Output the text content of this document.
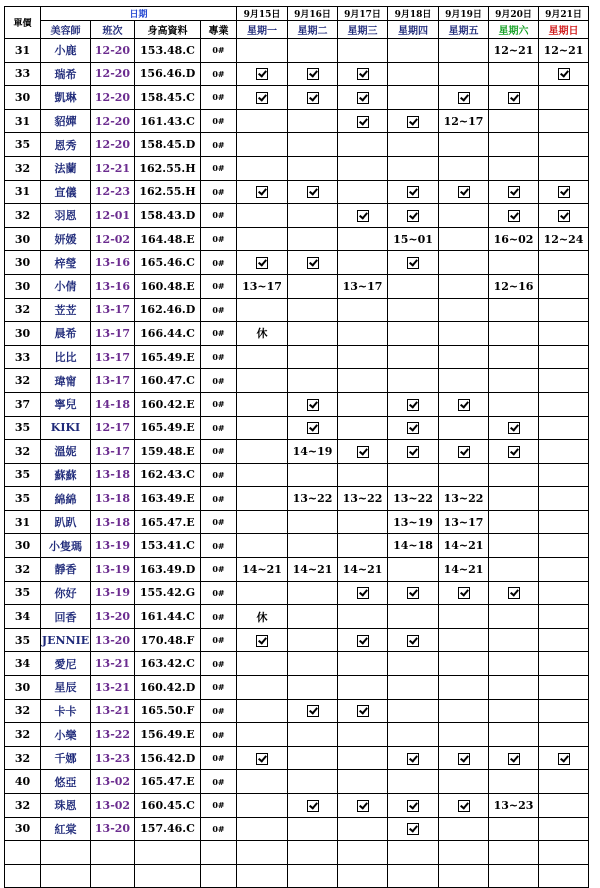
單價	日期				9月15日	9月16日	9月17日	9月18日	9月19日	9月20日	9月21日
	美容師	班次	身高資料	專業	星期一	星期二	星期三	星期四	星期五	星期六	星期日
31	小鹿	12-20	153.48.C	0#						12~21	12~21
33	瑞希	12-20	156.46.D	0#							
30	凱琳	12-20	158.45.C	0#							
31	貂嬋	12-20	161.43.C	0#					12~17		
35	恩秀	12-20	158.45.D	0#							
32	法蘭	12-21	162.55.H	0#							
31	宣儀	12-23	162.55.H	0#							
32	羽恩	12-01	158.43.D	0#							
30	妍媛	12-02	164.48.E	0#				15~01		16~02	12~24
30	梓瑩	13-16	165.46.C	0#							
30	小倩	13-16	160.48.E	0#	13~17		13~17			12~16	
32	苙苙	13-17	162.46.D	0#							
30	晨希	13-17	166.44.C	0#	休						
33	比比	13-17	165.49.E	0#							
32	瑋甯	13-17	160.47.C	0#							
37	寧兒	14-18	160.42.E	0#							
35	KIKI	12-17	165.49.E	0#							
32	溫妮	13-17	159.48.E	0#		14~19					
35	蘇蘇	13-18	162.43.C	0#							
35	綿綿	13-18	163.49.E	0#		13~22	13~22	13~22	13~22		
31	趴趴	13-18	165.47.E	0#				13~19	13~17		
30	小隻瑪	13-19	153.41.C	0#				14~18	14~21		
32	靜香	13-19	163.49.D	0#	14~21	14~21	14~21		14~21		
35	你好	13-19	155.42.G	0#							
34	回香	13-20	161.44.C	0#	休						
35	JENNIE	13-20	170.48.F	0#							
34	愛尼	13-21	163.42.C	0#							
30	星辰	13-21	160.42.D	0#							
32	卡卡	13-21	165.50.F	0#							
32	小樂	13-22	156.49.E	0#							
32	千娜	13-23	156.42.D	0#							
40	悠亞	13-02	165.47.E	0#							
32	珠恩	13-02	160.45.C	0#						13~23	
30	紅棠	13-20	157.46.C	0#							
